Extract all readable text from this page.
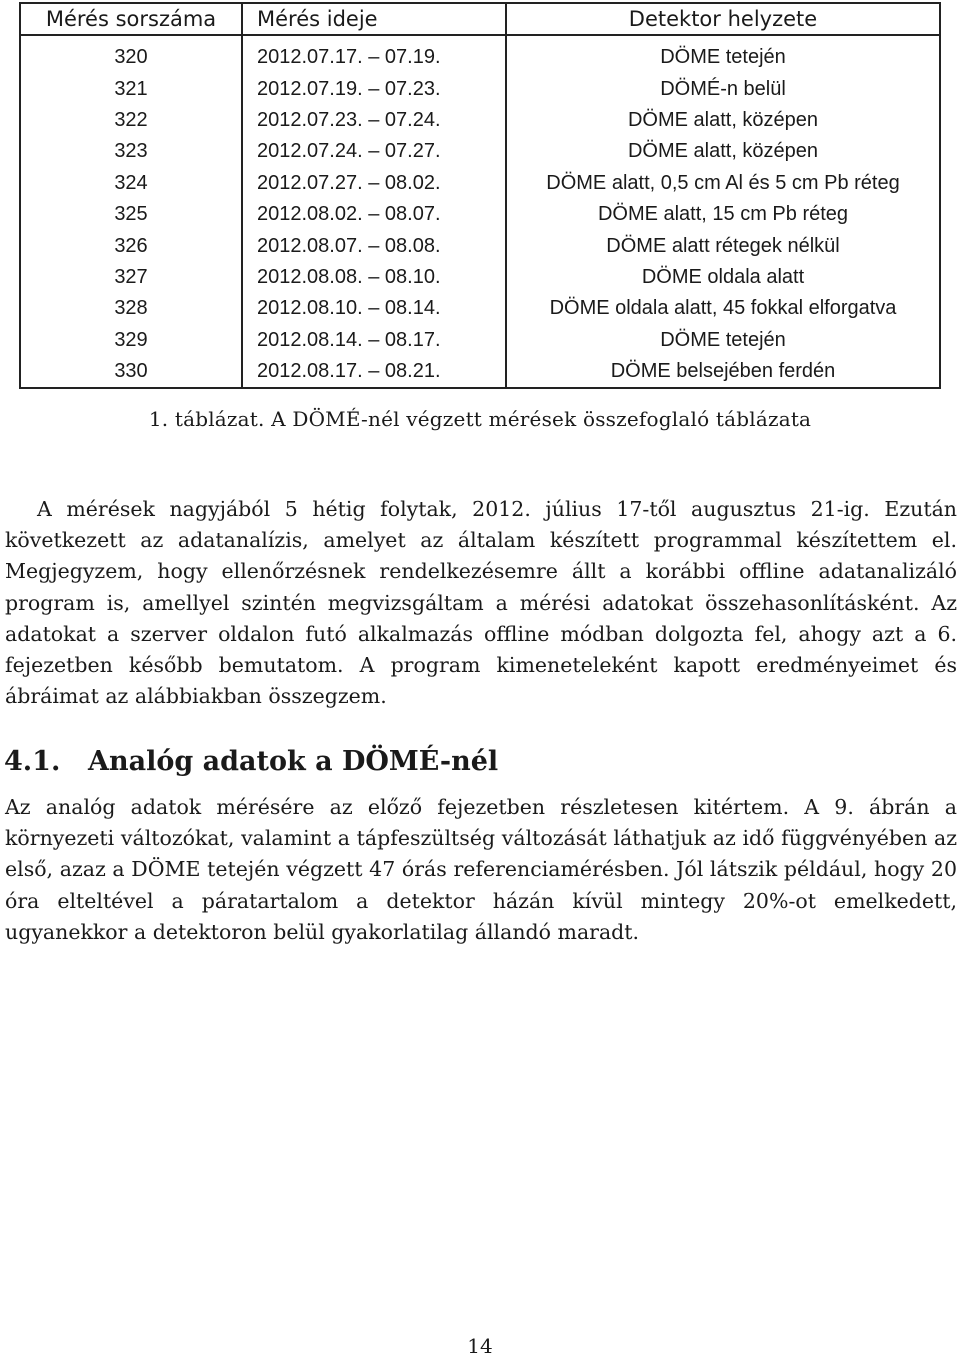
Mérés sorszáma	Mérés ideje	Detektor helyzete
320	2012.07.17. – 07.19.	DÖME tetején
321	2012.07.19. – 07.23.	DÖMÉ-n belül
322	2012.07.23. – 07.24.	DÖME alatt, középen
323	2012.07.24. – 07.27.	DÖME alatt, középen
324	2012.07.27. – 08.02.	DÖME alatt, 0,5 cm Al és 5 cm Pb réteg
325	2012.08.02. – 08.07.	DÖME alatt, 15 cm Pb réteg
326	2012.08.07. – 08.08.	DÖME alatt rétegek nélkül
327	2012.08.08. – 08.10.	DÖME oldala alatt
328	2012.08.10. – 08.14.	DÖME oldala alatt, 45 fokkal elforgatva
329	2012.08.14. – 08.17.	DÖME tetején
330	2012.08.17. – 08.21.	DÖME belsejében ferdén
1. táblázat. A DÖMÉ-nél végzett mérések összefoglaló táblázata

A mérések nagyjából 5 hétig folytak, 2012. július 17-től augusztus 21-ig. Ezután következett az adatanalízis, amelyet az általam készített programmal készítettem el. Megjegyzem, hogy ellenőrzésnek rendelkezésemre állt a korábbi offline adatanalizáló program is, amellyel szintén megvizsgáltam a mérési adatokat összehasonlításként. Az adatokat a szerver oldalon futó alkalmazás offline módban dolgozta fel, ahogy azt a 6. fejezetben később bemutatom. A program kimeneteleként kapott eredményeimet és ábráimat az alábbiakban összegzem.

4.1. Analóg adatok a DÖMÉ-nél

Az analóg adatok mérésére az előző fejezetben részletesen kitértem. A 9. ábrán a környezeti változókat, valamint a tápfeszültség változását láthatjuk az idő függvényében az első, azaz a DÖME tetején végzett 47 órás referenciamérésben. Jól látszik például, hogy 20 óra elteltével a páratartalom a detektor házán kívül mintegy 20%-ot emelkedett, ugyanekkor a detektoron belül gyakorlatilag állandó maradt.

14
